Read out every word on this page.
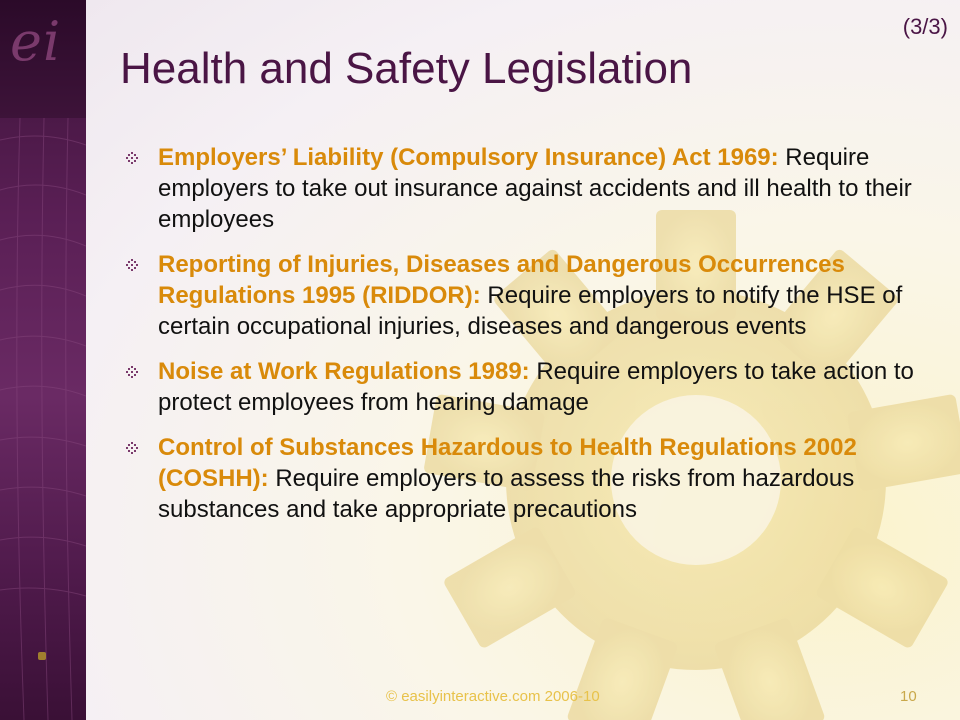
ei	(3/3)
Health and Safety Legislation
Employers’ Liability (Compulsory Insurance) Act 1969: Require employers to take out insurance against accidents and ill health to their employees
Reporting of Injuries, Diseases and Dangerous Occurrences Regulations 1995 (RIDDOR): Require employers to notify the HSE of certain occupational injuries, diseases and dangerous events
Noise at Work Regulations 1989: Require employers to take action to protect employees from hearing damage
Control of Substances Hazardous to Health Regulations 2002 (COSHH): Require employers to assess the risks from hazardous substances and take appropriate precautions
© easilyinteractive.com 2006-10	10
